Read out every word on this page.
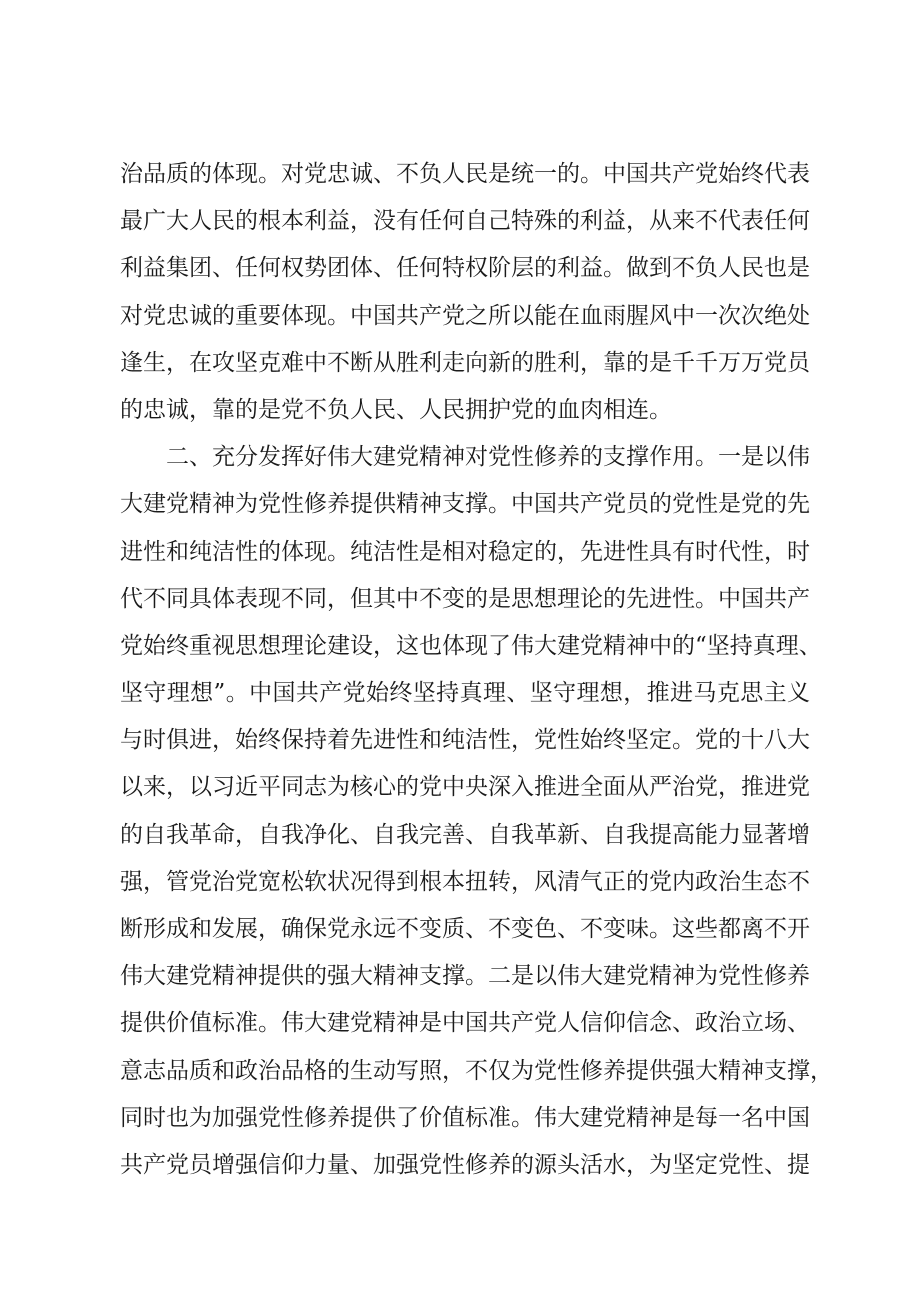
治品质的体现。对党忠诚、不负人民是统一的。中国共产党始终代表
最广大人民的根本利益，没有任何自己特殊的利益，从来不代表任何
利益集团、任何权势团体、任何特权阶层的利益。做到不负人民也是
对党忠诚的重要体现。中国共产党之所以能在血雨腥风中一次次绝处
逢生，在攻坚克难中不断从胜利走向新的胜利，靠的是千千万万党员
的忠诚，靠的是党不负人民、人民拥护党的血肉相连。
二、充分发挥好伟大建党精神对党性修养的支撑作用。一是以伟
大建党精神为党性修养提供精神支撑。中国共产党员的党性是党的先
进性和纯洁性的体现。纯洁性是相对稳定的，先进性具有时代性，时
代不同具体表现不同，但其中不变的是思想理论的先进性。中国共产
党始终重视思想理论建设，这也体现了伟大建党精神中的“坚持真理、
坚守理想”。中国共产党始终坚持真理、坚守理想，推进马克思主义
与时俱进，始终保持着先进性和纯洁性，党性始终坚定。党的十八大
以来，以习近平同志为核心的党中央深入推进全面从严治党，推进党
的自我革命，自我净化、自我完善、自我革新、自我提高能力显著增
强，管党治党宽松软状况得到根本扭转，风清气正的党内政治生态不
断形成和发展，确保党永远不变质、不变色、不变味。这些都离不开
伟大建党精神提供的强大精神支撑。二是以伟大建党精神为党性修养
提供价值标准。伟大建党精神是中国共产党人信仰信念、政治立场、
意志品质和政治品格的生动写照，不仅为党性修养提供强大精神支撑，
同时也为加强党性修养提供了价值标准。伟大建党精神是每一名中国
共产党员增强信仰力量、加强党性修养的源头活水，为坚定党性、提
